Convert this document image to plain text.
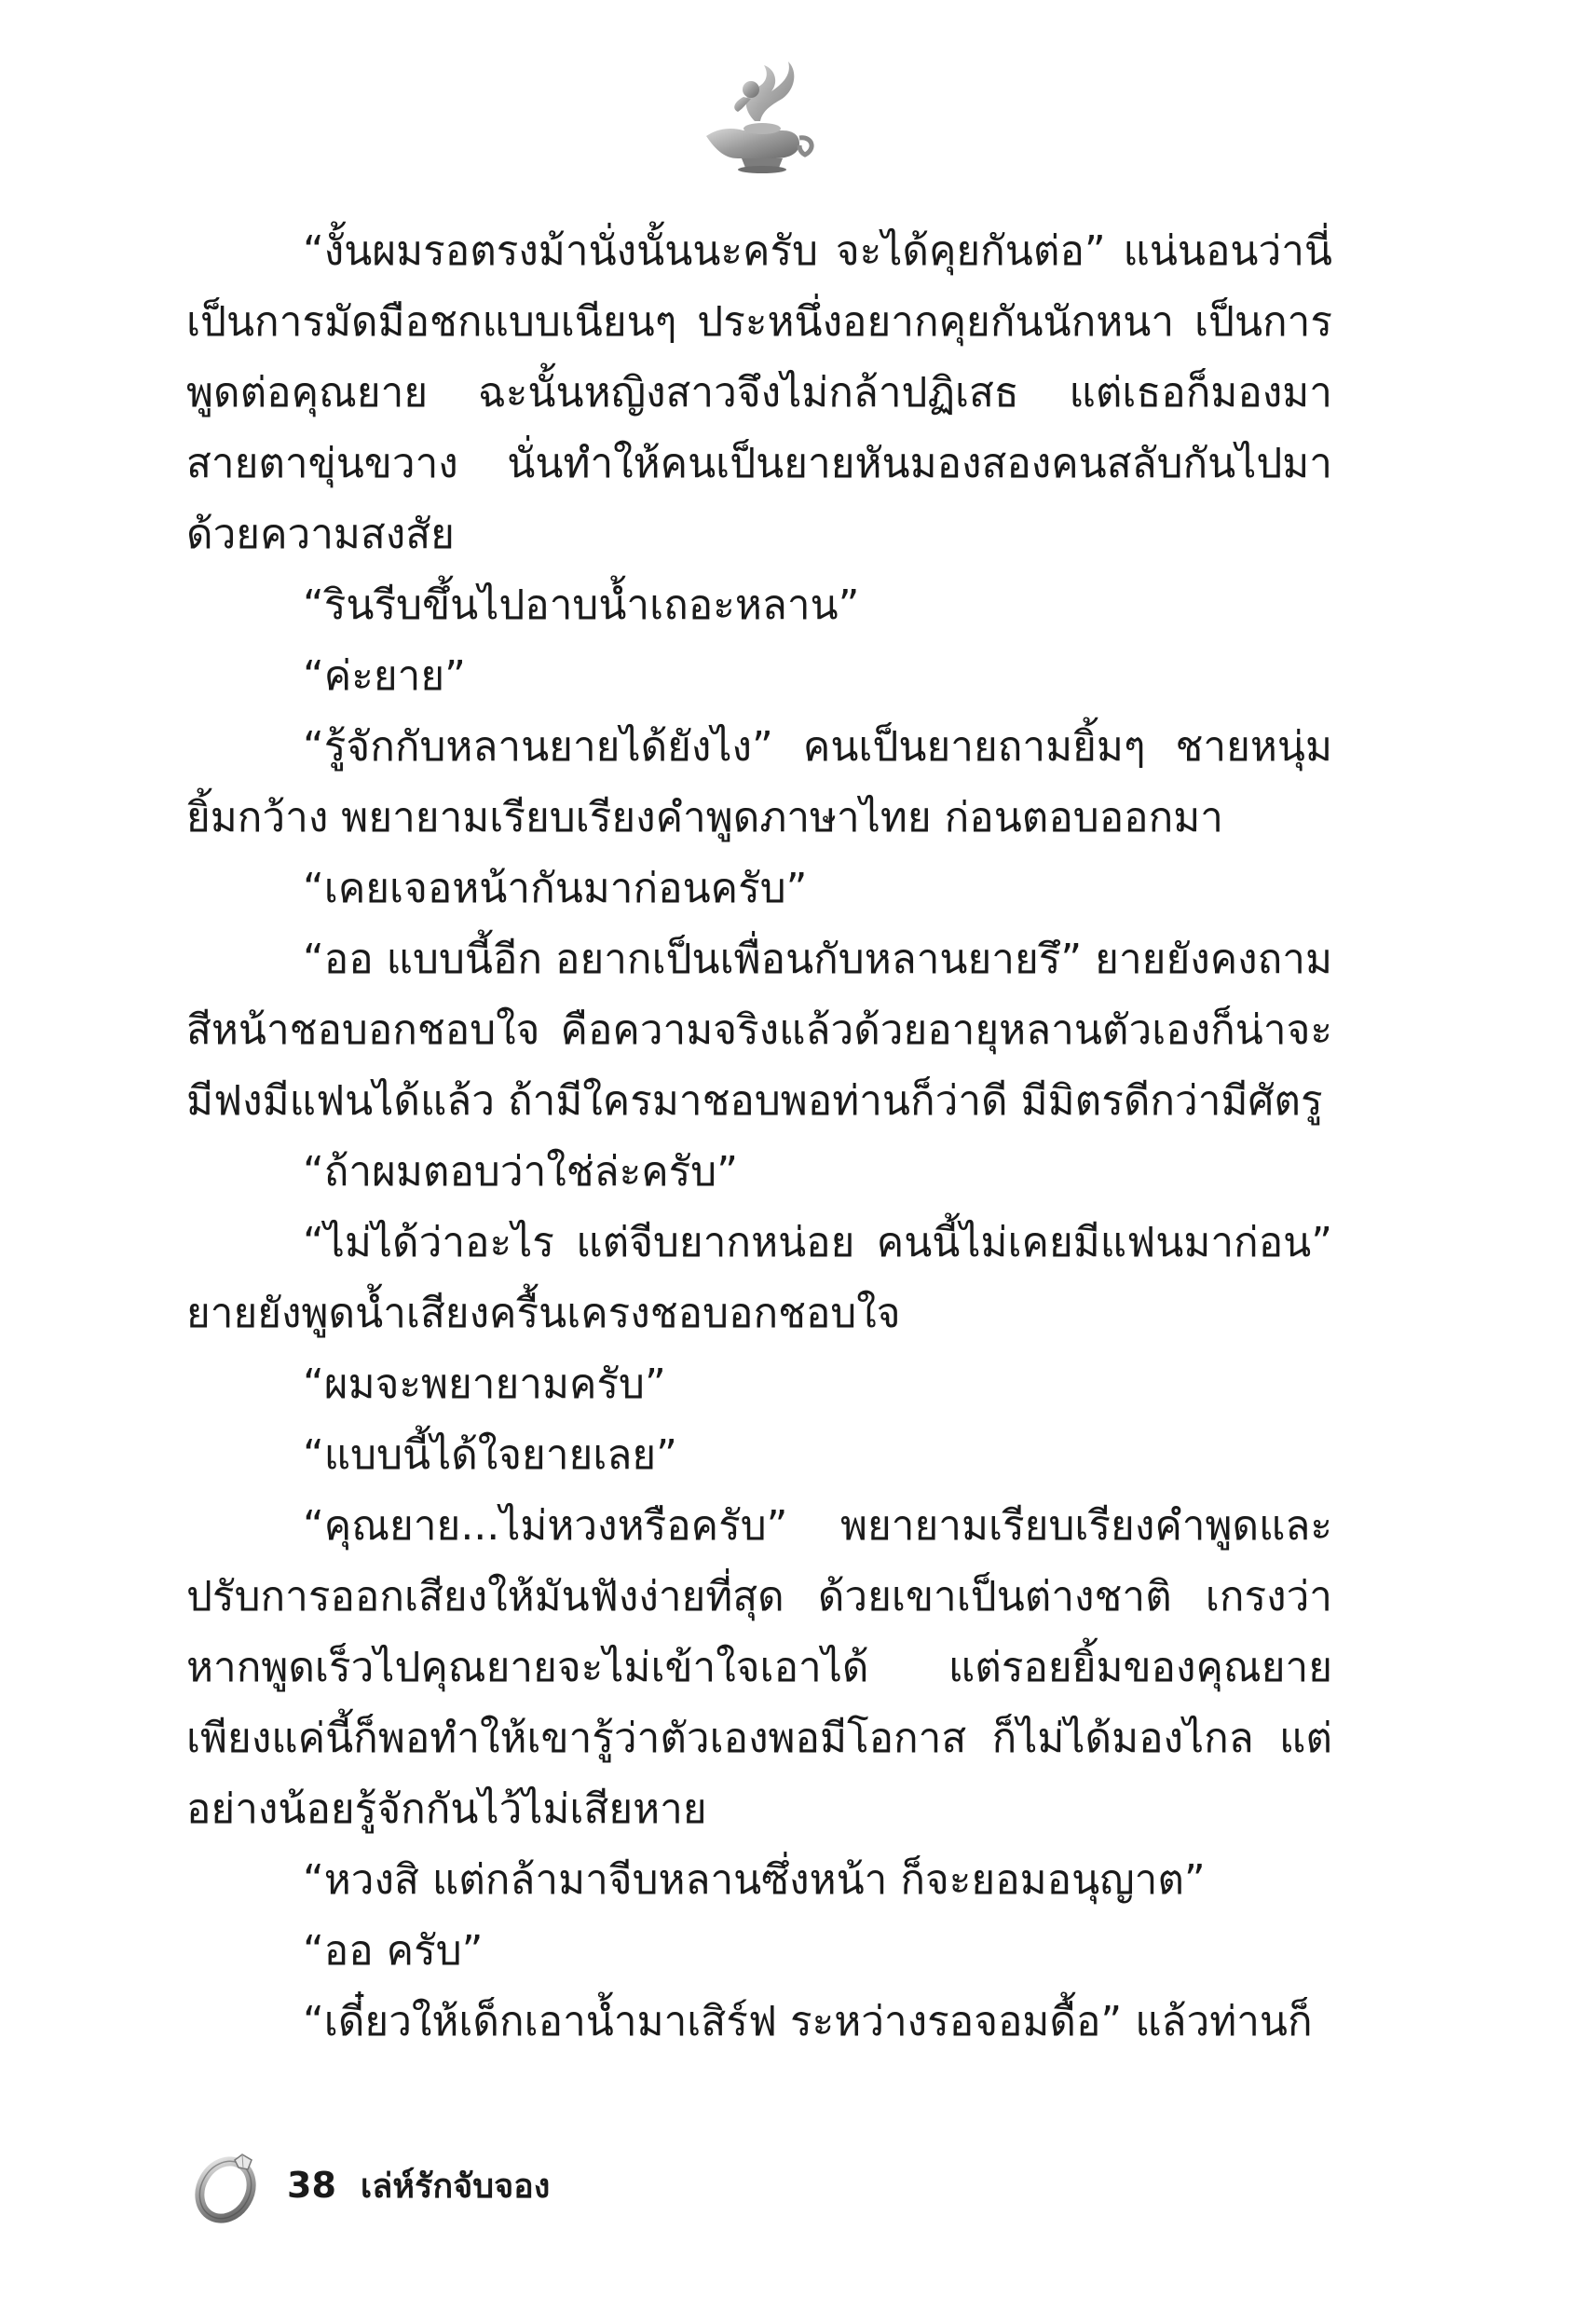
“งั้นผมรอตรงม้านั่งนั้นนะครับ จะได้คุยกันต่อ” แน่นอนว่านี่เป็นการมัดมือชกแบบเนียนๆ ประหนึ่งอยากคุยกันนักหนา เป็นการพูดต่อคุณยาย ฉะนั้นหญิงสาวจึงไม่กล้าปฏิเสธ แต่เธอก็มองมาสายตาขุ่นขวาง นั่นทำให้คนเป็นยายหันมองสองคนสลับกันไปมาด้วยความสงสัย

“รินรีบขึ้นไปอาบน้ำเถอะหลาน”

“ค่ะยาย”

“รู้จักกับหลานยายได้ยังไง” คนเป็นยายถามยิ้มๆ ชายหนุ่มยิ้มกว้าง พยายามเรียบเรียงคำพูดภาษาไทย ก่อนตอบออกมา

“เคยเจอหน้ากันมาก่อนครับ”

“ออ แบบนี้อีก อยากเป็นเพื่อนกับหลานยายรึ” ยายยังคงถามสีหน้าชอบอกชอบใจ คือความจริงแล้วด้วยอายุหลานตัวเองก็น่าจะมีฟงมีแฟนได้แล้ว ถ้ามีใครมาชอบพอท่านก็ว่าดี มีมิตรดีกว่ามีศัตรู

“ถ้าผมตอบว่าใช่ล่ะครับ”

“ไม่ได้ว่าอะไร แต่จีบยากหน่อย คนนี้ไม่เคยมีแฟนมาก่อน” ยายยังพูดน้ำเสียงครื้นเครงชอบอกชอบใจ

“ผมจะพยายามครับ”

“แบบนี้ได้ใจยายเลย”

“คุณยาย...ไม่หวงหรือครับ” พยายามเรียบเรียงคำพูดและปรับการออกเสียงให้มันฟังง่ายที่สุด ด้วยเขาเป็นต่างชาติ เกรงว่าหากพูดเร็วไปคุณยายจะไม่เข้าใจเอาได้ แต่รอยยิ้มของคุณยาย เพียงแค่นี้ก็พอทำให้เขารู้ว่าตัวเองพอมีโอกาส ก็ไม่ได้มองไกล แต่อย่างน้อยรู้จักกันไว้ไม่เสียหาย

“หวงสิ แต่กล้ามาจีบหลานซึ่งหน้า ก็จะยอมอนุญาต”

“ออ ครับ”

“เดี๋ยวให้เด็กเอาน้ำมาเสิร์ฟ ระหว่างรอจอมดื้อ” แล้วท่านก็

38 เล่ห์รักจับจอง
